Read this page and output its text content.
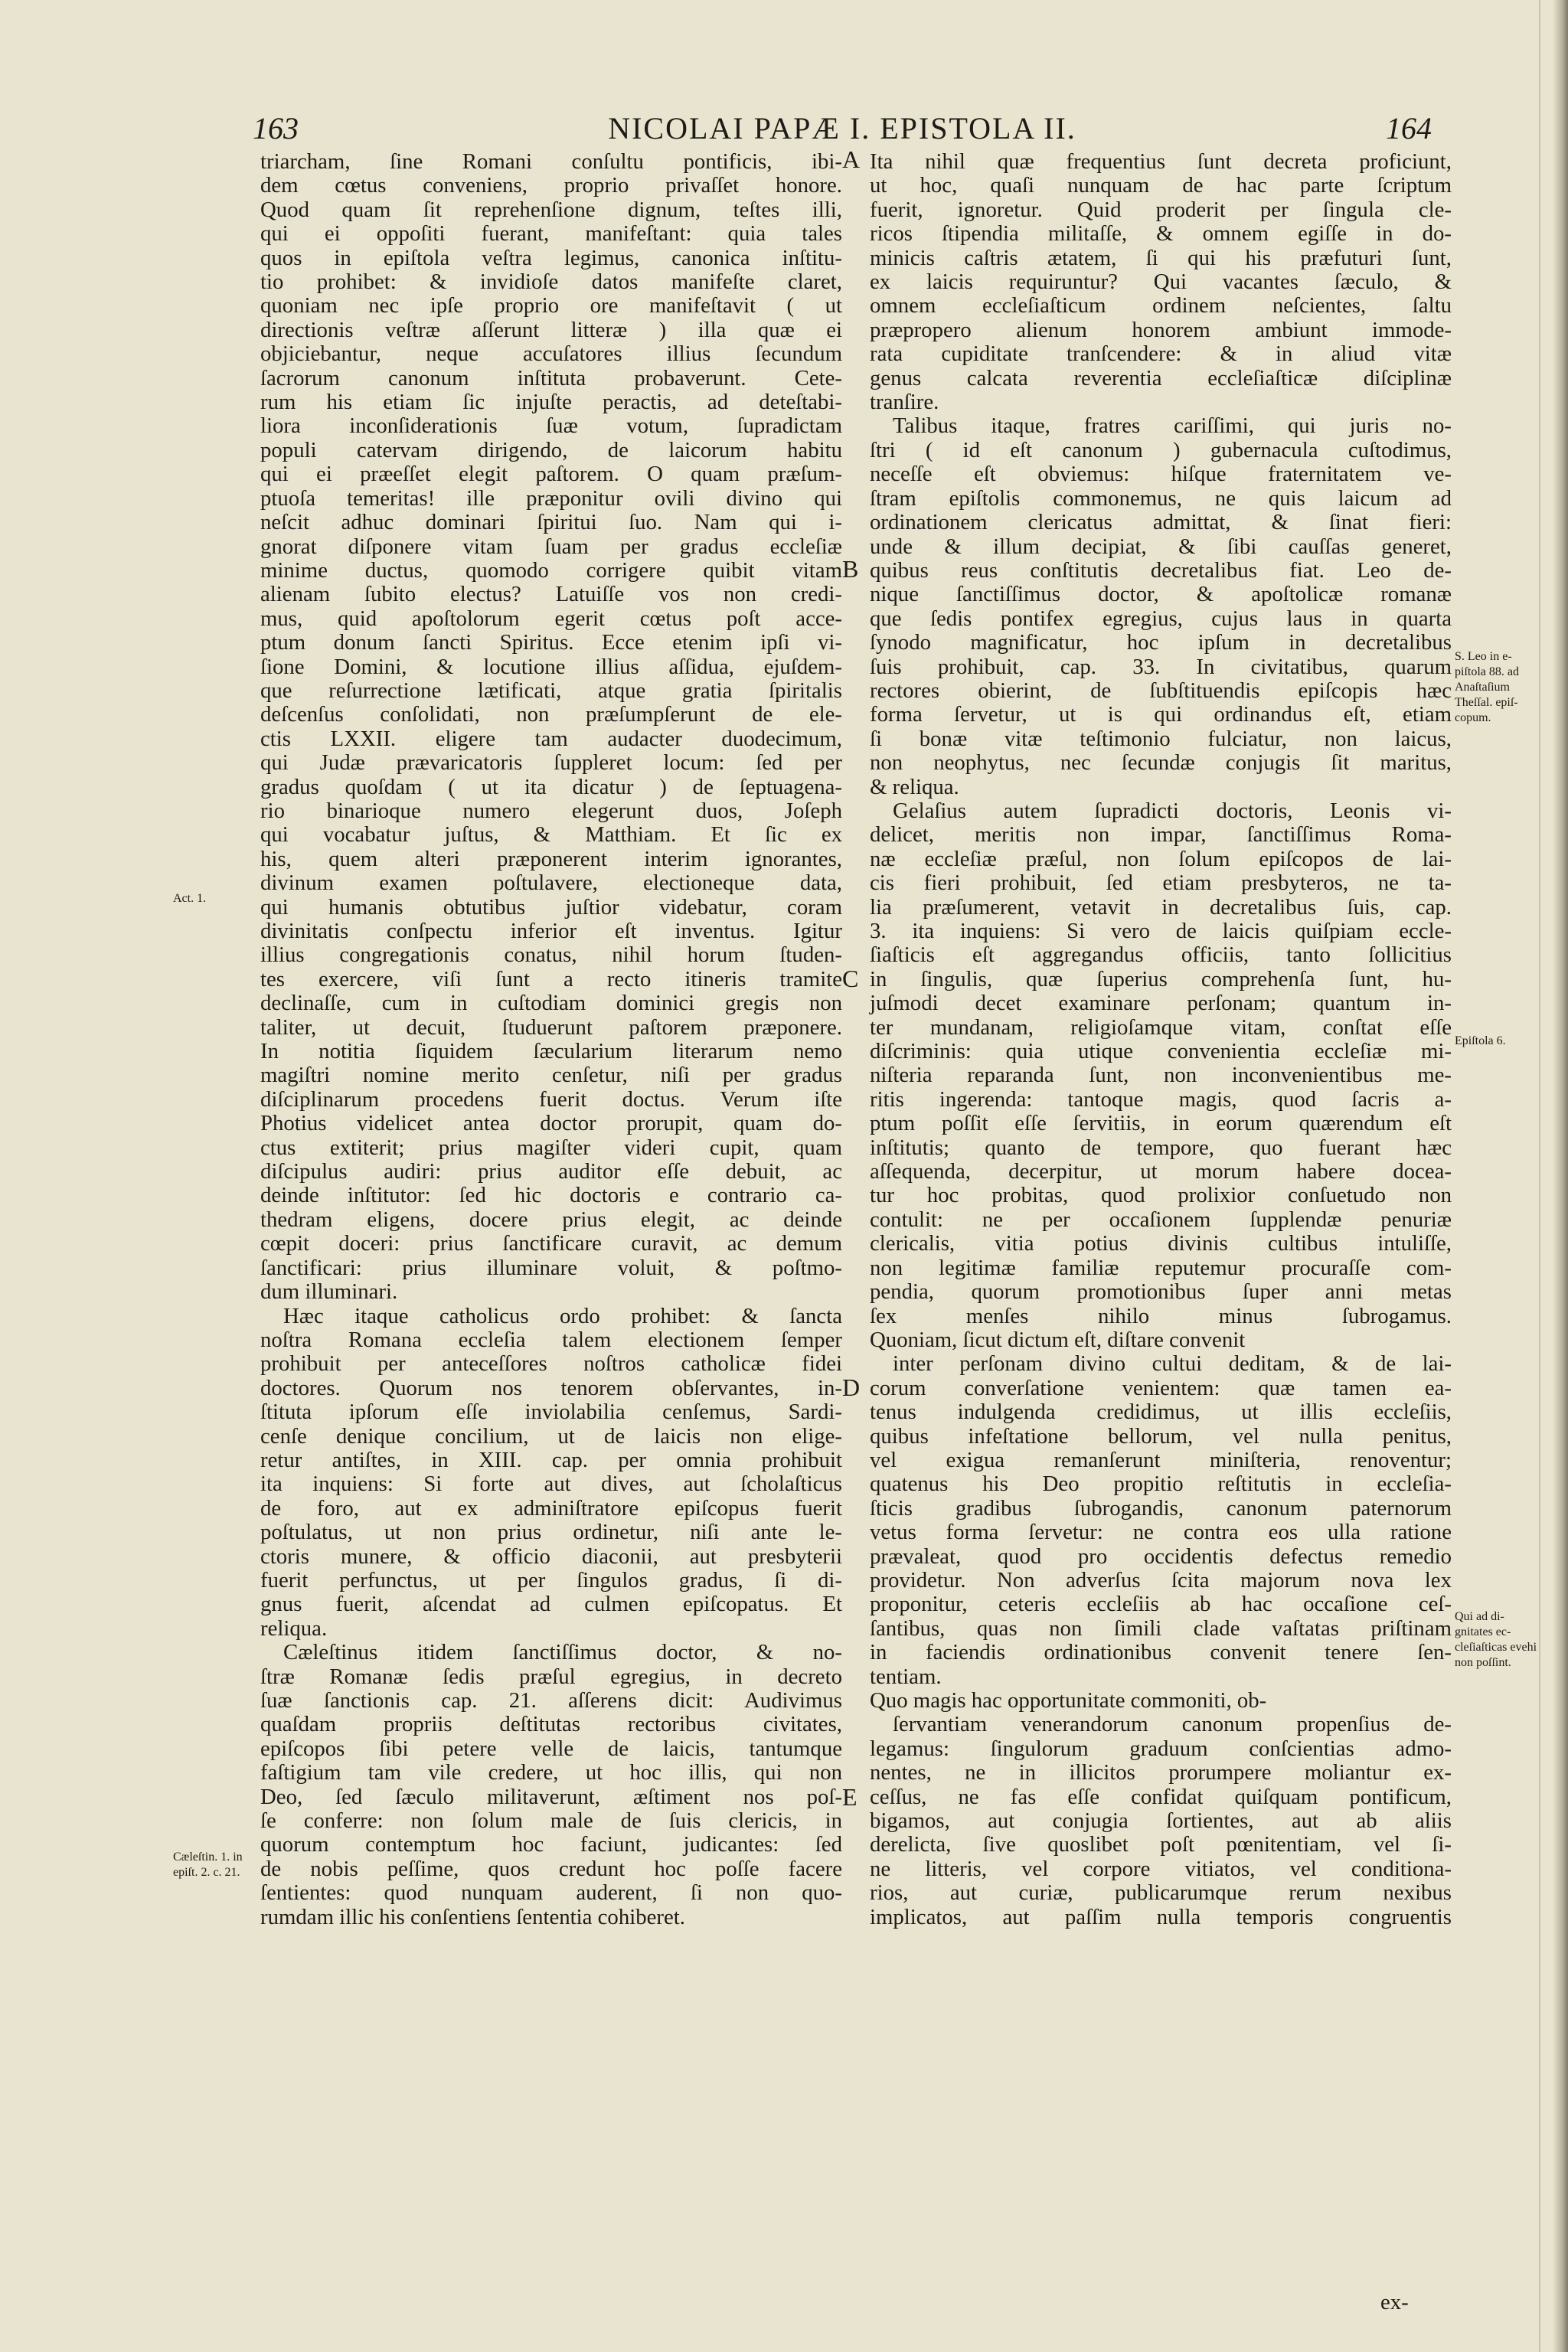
163	NICOLAI PAPÆ I. EPISTOLA II.	164

triarcham, ſine Romani conſultu pontificis, ibi-

dem cœtus conveniens, proprio privaſſet honore.

Quod quam ſit reprehenſione dignum, teſtes illi,

qui ei oppoſiti fuerant, manifeſtant: quia tales

quos in epiſtola veſtra legimus, canonica inſtitu-

tio prohibet: & invidioſe datos manifeſte claret,

quoniam nec ipſe proprio ore manifeſtavit ( ut

directionis veſtræ aſſerunt litteræ ) illa quæ ei

objiciebantur, neque accuſatores illius ſecundum

ſacrorum canonum inſtituta probaverunt. Cete-

rum his etiam ſic injuſte peractis, ad deteſtabi-

liora inconſiderationis ſuæ votum, ſupradictam

populi catervam dirigendo, de laicorum habitu

qui ei præeſſet elegit paſtorem. O quam præſum-

ptuoſa temeritas! ille præponitur ovili divino qui

neſcit adhuc dominari ſpiritui ſuo. Nam qui i-

gnorat diſponere vitam ſuam per gradus eccleſiæ

minime ductus, quomodo corrigere quibit vitam

alienam ſubito electus? Latuiſſe vos non credi-

mus, quid apoſtolorum egerit cœtus poſt acce-

ptum donum ſancti Spiritus. Ecce etenim ipſi vi-

ſione Domini, & locutione illius aſſidua, ejuſdem-

que reſurrectione lætificati, atque gratia ſpiritalis

deſcenſus conſolidati, non præſumpſerunt de ele-

ctis LXXII. eligere tam audacter duodecimum,

qui Judæ prævaricatoris ſuppleret locum: ſed per

gradus quoſdam ( ut ita dicatur ) de ſeptuagena-

rio binarioque numero elegerunt duos, Joſeph

qui vocabatur juſtus, & Matthiam. Et ſic ex

his, quem alteri præponerent interim ignorantes,

divinum examen poſtulavere, electioneque data,

qui humanis obtutibus juſtior videbatur, coram

divinitatis conſpectu inferior eſt inventus. Igitur

illius congregationis conatus, nihil horum ſtuden-

tes exercere, viſi ſunt a recto itineris tramite

declinaſſe, cum in cuſtodiam dominici gregis non

taliter, ut decuit, ſtuduerunt paſtorem præponere.

In notitia ſiquidem ſæcularium literarum nemo

magiſtri nomine merito cenſetur, niſi per gradus

diſciplinarum procedens fuerit doctus. Verum iſte

Photius videlicet antea doctor prorupit, quam do-

ctus extiterit; prius magiſter videri cupit, quam

diſcipulus audiri: prius auditor eſſe debuit, ac

deinde inſtitutor: ſed hic doctoris e contrario ca-

thedram eligens, docere prius elegit, ac deinde

cœpit doceri: prius ſanctificare curavit, ac demum

ſanctificari: prius illuminare voluit, & poſtmo-

dum illuminari.

Hæc itaque catholicus ordo prohibet: & ſancta

noſtra Romana eccleſia talem electionem ſemper

prohibuit per anteceſſores noſtros catholicæ fidei

doctores. Quorum nos tenorem obſervantes, in-

ſtituta ipſorum eſſe inviolabilia cenſemus, Sardi-

cenſe denique concilium, ut de laicis non elige-

retur antiſtes, in XIII. cap. per omnia prohibuit

ita inquiens: Si forte aut dives, aut ſcholaſticus

de foro, aut ex adminiſtratore epiſcopus fuerit

poſtulatus, ut non prius ordinetur, niſi ante le-

ctoris munere, & officio diaconii, aut presbyterii

fuerit perfunctus, ut per ſingulos gradus, ſi di-

gnus fuerit, aſcendat ad culmen epiſcopatus. Et

reliqua.

Cæleſtinus itidem ſanctiſſimus doctor, & no-

ſtræ Romanæ ſedis præſul egregius, in decreto

ſuæ ſanctionis cap. 21. aſſerens dicit: Audivimus

quaſdam propriis deſtitutas rectoribus civitates,

epiſcopos ſibi petere velle de laicis, tantumque

faſtigium tam vile credere, ut hoc illis, qui non

Deo, ſed ſæculo militaverunt, æſtiment nos poſ-

ſe conferre: non ſolum male de ſuis clericis, in

quorum contemptum hoc faciunt, judicantes: ſed

de nobis peſſime, quos credunt hoc poſſe facere

ſentientes: quod nunquam auderent, ſi non quo-

rumdam illic his conſentiens ſententia cohiberet.

Ita nihil quæ frequentius ſunt decreta proficiunt,

ut hoc, quaſi nunquam de hac parte ſcriptum

fuerit, ignoretur. Quid proderit per ſingula cle-

ricos ſtipendia militaſſe, & omnem egiſſe in do-

minicis caſtris ætatem, ſi qui his præfuturi ſunt,

ex laicis requiruntur? Qui vacantes ſæculo, &

omnem eccleſiaſticum ordinem neſcientes, ſaltu

præpropero alienum honorem ambiunt immode-

rata cupiditate tranſcendere: & in aliud vitæ

genus calcata reverentia eccleſiaſticæ diſciplinæ

tranſire.

Talibus itaque, fratres cariſſimi, qui juris no-

ſtri ( id eſt canonum ) gubernacula cuſtodimus,

neceſſe eſt obviemus: hiſque fraternitatem ve-

ſtram epiſtolis commonemus, ne quis laicum ad

ordinationem clericatus admittat, & ſinat fieri:

unde & illum decipiat, & ſibi cauſſas generet,

quibus reus conſtitutis decretalibus fiat. Leo de-

nique ſanctiſſimus doctor, & apoſtolicæ romanæ

que ſedis pontifex egregius, cujus laus in quarta

ſynodo magnificatur, hoc ipſum in decretalibus

ſuis prohibuit, cap. 33. In civitatibus, quarum

rectores obierint, de ſubſtituendis epiſcopis hæc

forma ſervetur, ut is qui ordinandus eſt, etiam

ſi bonæ vitæ teſtimonio fulciatur, non laicus,

non neophytus, nec ſecundæ conjugis ſit maritus,

& reliqua.

Gelaſius autem ſupradicti doctoris, Leonis vi-

delicet, meritis non impar, ſanctiſſimus Roma-

næ eccleſiæ præſul, non ſolum epiſcopos de lai-

cis fieri prohibuit, ſed etiam presbyteros, ne ta-

lia præſumerent, vetavit in decretalibus ſuis, cap.

3. ita inquiens: Si vero de laicis quiſpiam eccle-

ſiaſticis eſt aggregandus officiis, tanto ſollicitius

in ſingulis, quæ ſuperius comprehenſa ſunt, hu-

juſmodi decet examinare perſonam; quantum in-

ter mundanam, religioſamque vitam, conſtat eſſe

diſcriminis: quia utique convenientia eccleſiæ mi-

niſteria reparanda ſunt, non inconvenientibus me-

ritis ingerenda: tantoque magis, quod ſacris a-

ptum poſſit eſſe ſervitiis, in eorum quærendum eſt

inſtitutis; quanto de tempore, quo fuerant hæc

aſſequenda, decerpitur, ut morum habere docea-

tur hoc probitas, quod prolixior conſuetudo non

contulit: ne per occaſionem ſupplendæ penuriæ

clericalis, vitia potius divinis cultibus intuliſſe,

non legitimæ familiæ reputemur procuraſſe com-

pendia, quorum promotionibus ſuper anni metas

ſex menſes nihilo minus ſubrogamus.

Quoniam, ſicut dictum eſt, diſtare convenit

inter perſonam divino cultui deditam, & de lai-

corum converſatione venientem: quæ tamen ea-

tenus indulgenda credidimus, ut illis eccleſiis,

quibus infeſtatione bellorum, vel nulla penitus,

vel exigua remanſerunt miniſteria, renoventur;

quatenus his Deo propitio reſtitutis in eccleſia-

ſticis gradibus ſubrogandis, canonum paternorum

vetus forma ſervetur: ne contra eos ulla ratione

prævaleat, quod pro occidentis defectus remedio

providetur. Non adverſus ſcita majorum nova lex

proponitur, ceteris eccleſiis ab hac occaſione ceſ-

ſantibus, quas non ſimili clade vaſtatas priſtinam

in faciendis ordinationibus convenit tenere ſen-

tentiam.

Quo magis hac opportunitate commoniti, ob-

ſervantiam venerandorum canonum propenſius de-

legamus: ſingulorum graduum conſcientias admo-

nentes, ne in illicitos prorumpere moliantur ex-

ceſſus, ne fas eſſe confidat quiſquam pontificum,

bigamos, aut conjugia ſortientes, aut ab aliis

derelicta, ſive quoslibet poſt pœnitentiam, vel ſi-

ne litteris, vel corpore vitiatos, vel conditiona-

rios, aut curiæ, publicarumque rerum nexibus

implicatos, aut paſſim nulla temporis congruentis

ex-
A
B
C
D
E
Act. 1.
Cæleſtin. 1. in epiſt. 2. c. 21.
S. Leo in e- piſtola 88. ad Anaſtaſium Theſſal. epiſ- copum.
Epiſtola 6.
Qui ad di- gnitates ec- cleſiaſticas evehi non poſſint.
